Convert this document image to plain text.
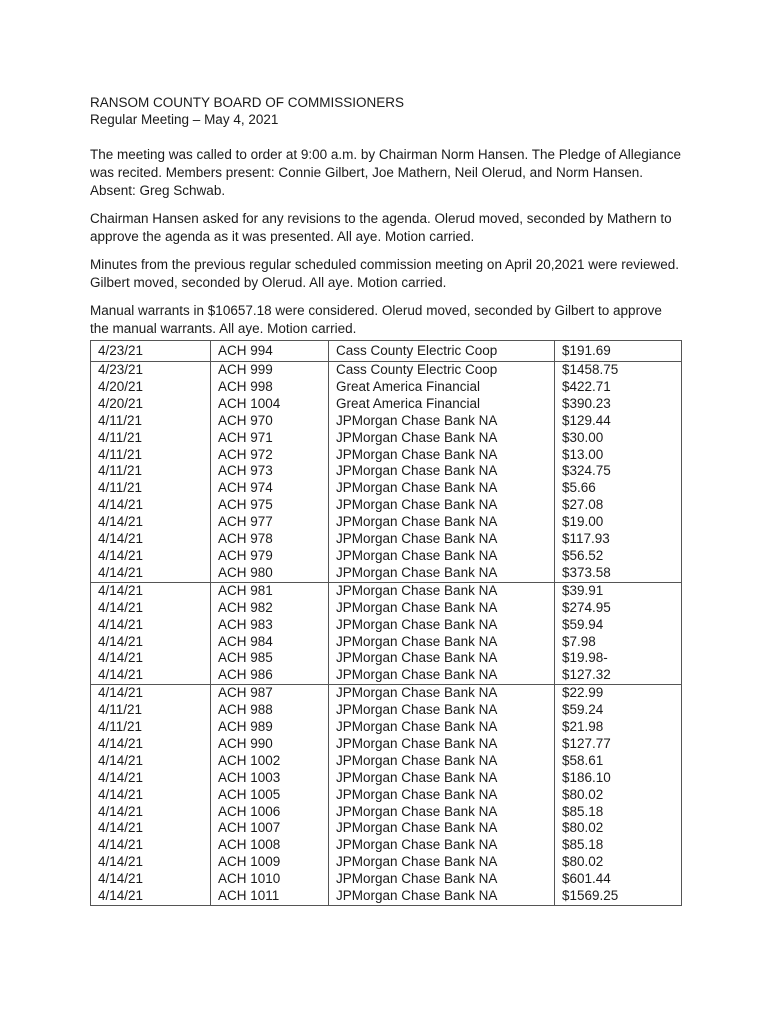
RANSOM COUNTY BOARD OF COMMISSIONERS
Regular Meeting – May 4, 2021

The meeting was called to order at 9:00 a.m. by Chairman Norm Hansen. The Pledge of Allegiance was recited. Members present: Connie Gilbert, Joe Mathern, Neil Olerud, and Norm Hansen. Absent: Greg Schwab.

Chairman Hansen asked for any revisions to the agenda. Olerud moved, seconded by Mathern to approve the agenda as it was presented. All aye. Motion carried.

Minutes from the previous regular scheduled commission meeting on April 20,2021 were reviewed. Gilbert moved, seconded by Olerud. All aye. Motion carried.

Manual warrants in $10657.18 were considered. Olerud moved, seconded by Gilbert to approve the manual warrants. All aye. Motion carried.

4/23/21	ACH 994	Cass County Electric Coop	$191.69
4/23/21	ACH 999	Cass County Electric Coop	$1458.75
4/20/21	ACH 998	Great America Financial	$422.71
4/20/21	ACH 1004	Great America Financial	$390.23
4/11/21	ACH 970	JPMorgan Chase Bank NA	$129.44
4/11/21	ACH 971	JPMorgan Chase Bank NA	$30.00
4/11/21	ACH 972	JPMorgan Chase Bank NA	$13.00
4/11/21	ACH 973	JPMorgan Chase Bank NA	$324.75
4/11/21	ACH 974	JPMorgan Chase Bank NA	$5.66
4/14/21	ACH 975	JPMorgan Chase Bank NA	$27.08
4/14/21	ACH 977	JPMorgan Chase Bank NA	$19.00
4/14/21	ACH 978	JPMorgan Chase Bank NA	$117.93
4/14/21	ACH 979	JPMorgan Chase Bank NA	$56.52
4/14/21	ACH 980	JPMorgan Chase Bank NA	$373.58
4/14/21	ACH 981	JPMorgan Chase Bank NA	$39.91
4/14/21	ACH 982	JPMorgan Chase Bank NA	$274.95
4/14/21	ACH 983	JPMorgan Chase Bank NA	$59.94
4/14/21	ACH 984	JPMorgan Chase Bank NA	$7.98
4/14/21	ACH 985	JPMorgan Chase Bank NA	$19.98-
4/14/21	ACH 986	JPMorgan Chase Bank NA	$127.32
4/14/21	ACH 987	JPMorgan Chase Bank NA	$22.99
4/11/21	ACH 988	JPMorgan Chase Bank NA	$59.24
4/11/21	ACH 989	JPMorgan Chase Bank NA	$21.98
4/14/21	ACH 990	JPMorgan Chase Bank NA	$127.77
4/14/21	ACH 1002	JPMorgan Chase Bank NA	$58.61
4/14/21	ACH 1003	JPMorgan Chase Bank NA	$186.10
4/14/21	ACH 1005	JPMorgan Chase Bank NA	$80.02
4/14/21	ACH 1006	JPMorgan Chase Bank NA	$85.18
4/14/21	ACH 1007	JPMorgan Chase Bank NA	$80.02
4/14/21	ACH 1008	JPMorgan Chase Bank NA	$85.18
4/14/21	ACH 1009	JPMorgan Chase Bank NA	$80.02
4/14/21	ACH 1010	JPMorgan Chase Bank NA	$601.44
4/14/21	ACH 1011	JPMorgan Chase Bank NA	$1569.25
